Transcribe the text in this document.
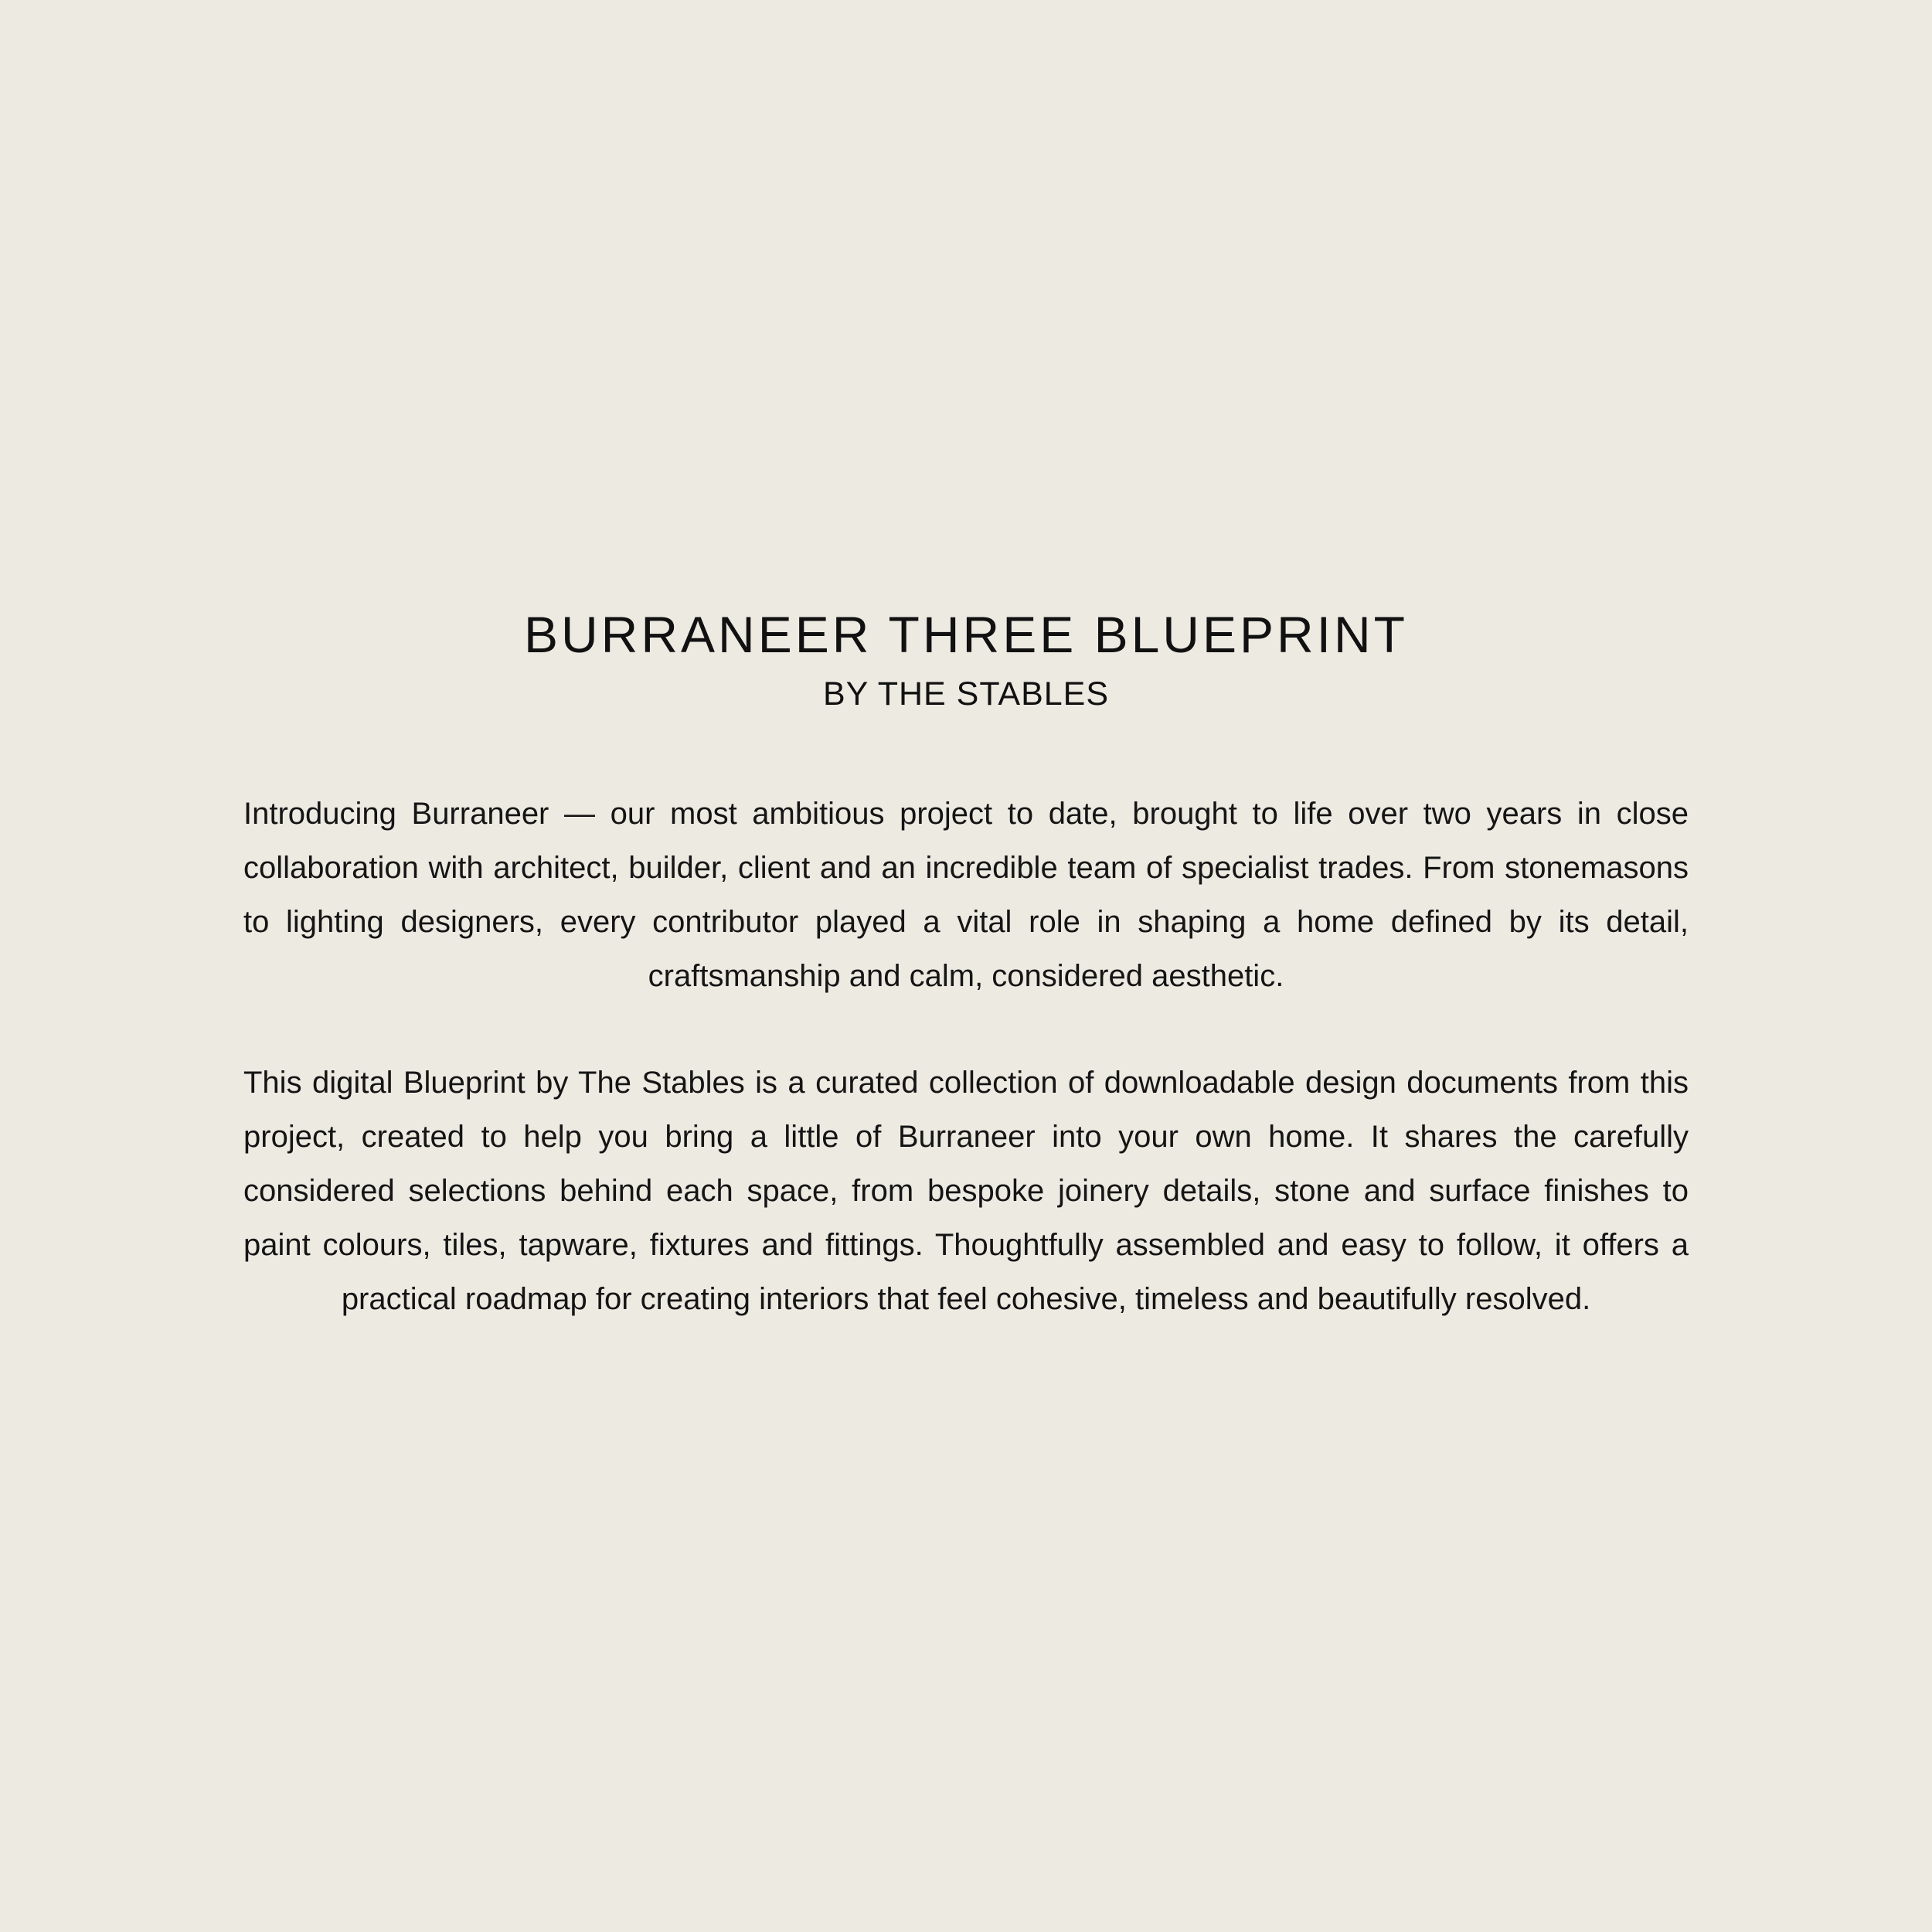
BURRANEER THREE BLUEPRINT
BY THE STABLES

Introducing Burraneer — our most ambitious project to date, brought to life over two years in close collaboration with architect, builder, client and an incredible team of specialist trades. From stonemasons to lighting designers, every contributor played a vital role in shaping a home defined by its detail, craftsmanship and calm, considered aesthetic.

This digital Blueprint by The Stables is a curated collection of downloadable design documents from this project, created to help you bring a little of Burraneer into your own home. It shares the carefully considered selections behind each space, from bespoke joinery details, stone and surface finishes to paint colours, tiles, tapware, fixtures and fittings. Thoughtfully assembled and easy to follow, it offers a practical roadmap for creating interiors that feel cohesive, timeless and beautifully resolved.
